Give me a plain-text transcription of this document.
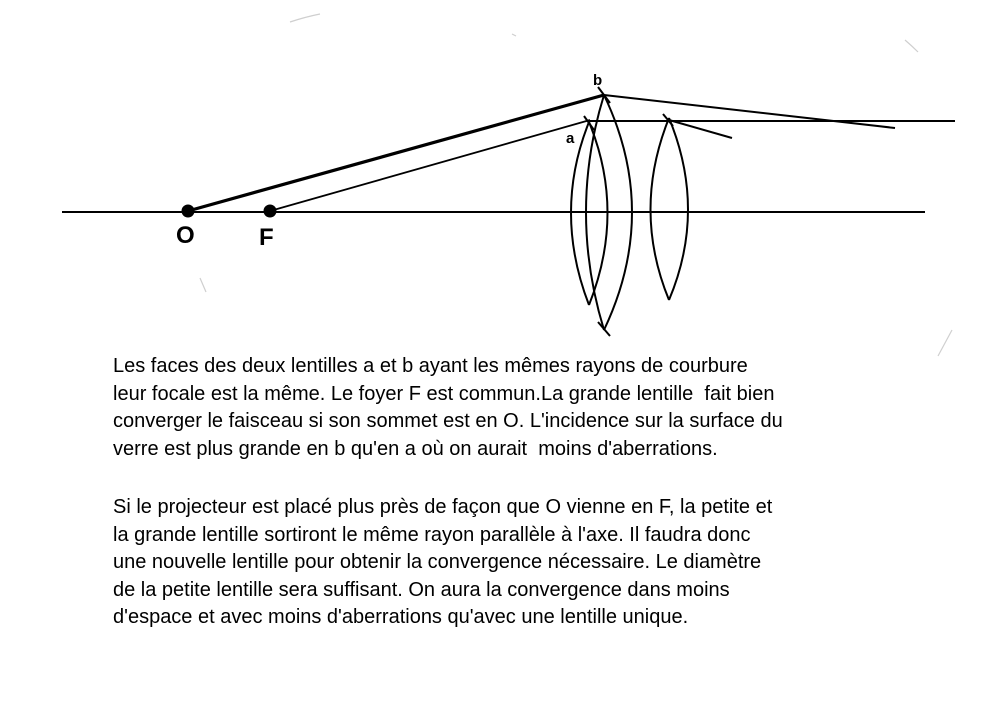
O	F
a
b
Les faces des deux lentilles a et b ayant les mêmes rayons de courbure
leur focale est la même. Le foyer F est commun.La grande lentille  fait bien
converger le faisceau si son sommet est en O. L'incidence sur la surface du
verre est plus grande en b qu'en a où on aurait  moins d'aberrations.
Si le projecteur est placé plus près de façon que O vienne en F, la petite et
la grande lentille sortiront le même rayon parallèle à l'axe. Il faudra donc
une nouvelle lentille pour obtenir la convergence nécessaire. Le diamètre
de la petite lentille sera suffisant. On aura la convergence dans moins
d'espace et avec moins d'aberrations qu'avec une lentille unique.
